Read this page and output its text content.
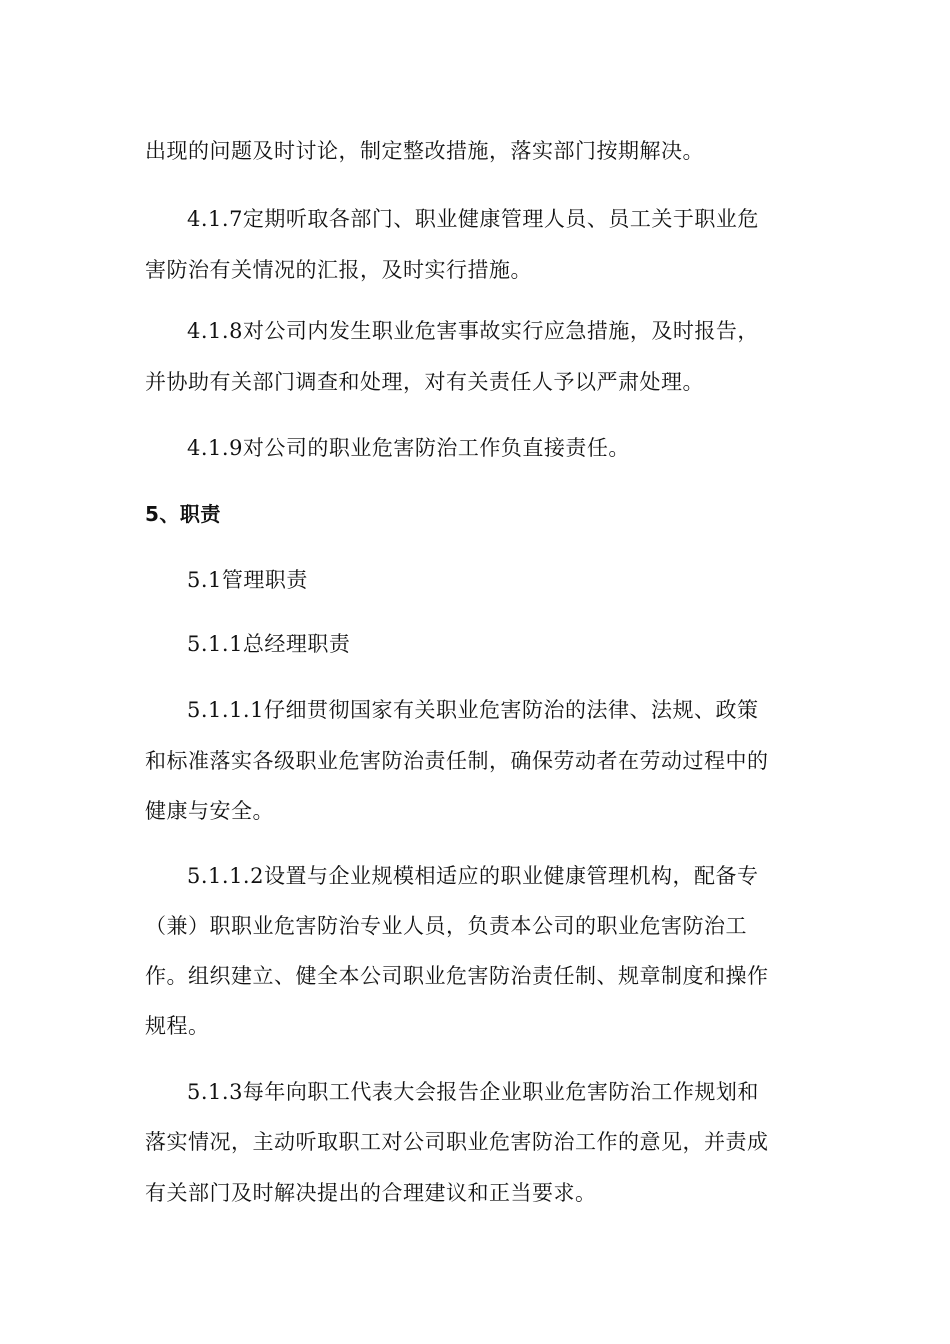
出现的问题及时讨论，制定整改措施，落实部门按期解决。
4.1.7定期听取各部门、职业健康管理人员、员工关于职业危
害防治有关情况的汇报，及时实行措施。
4.1.8对公司内发生职业危害事故实行应急措施，及时报告，
并协助有关部门调查和处理，对有关责任人予以严肃处理。
4.1.9对公司的职业危害防治工作负直接责任。
5、职责
5.1管理职责
5.1.1总经理职责
5.1.1.1仔细贯彻国家有关职业危害防治的法律、法规、政策
和标准落实各级职业危害防治责任制，确保劳动者在劳动过程中的
健康与安全。
5.1.1.2设置与企业规模相适应的职业健康管理机构，配备专
（兼）职职业危害防治专业人员，负责本公司的职业危害防治工
作。组织建立、健全本公司职业危害防治责任制、规章制度和操作
规程。
5.1.3每年向职工代表大会报告企业职业危害防治工作规划和
落实情况，主动听取职工对公司职业危害防治工作的意见，并责成
有关部门及时解决提出的合理建议和正当要求。
